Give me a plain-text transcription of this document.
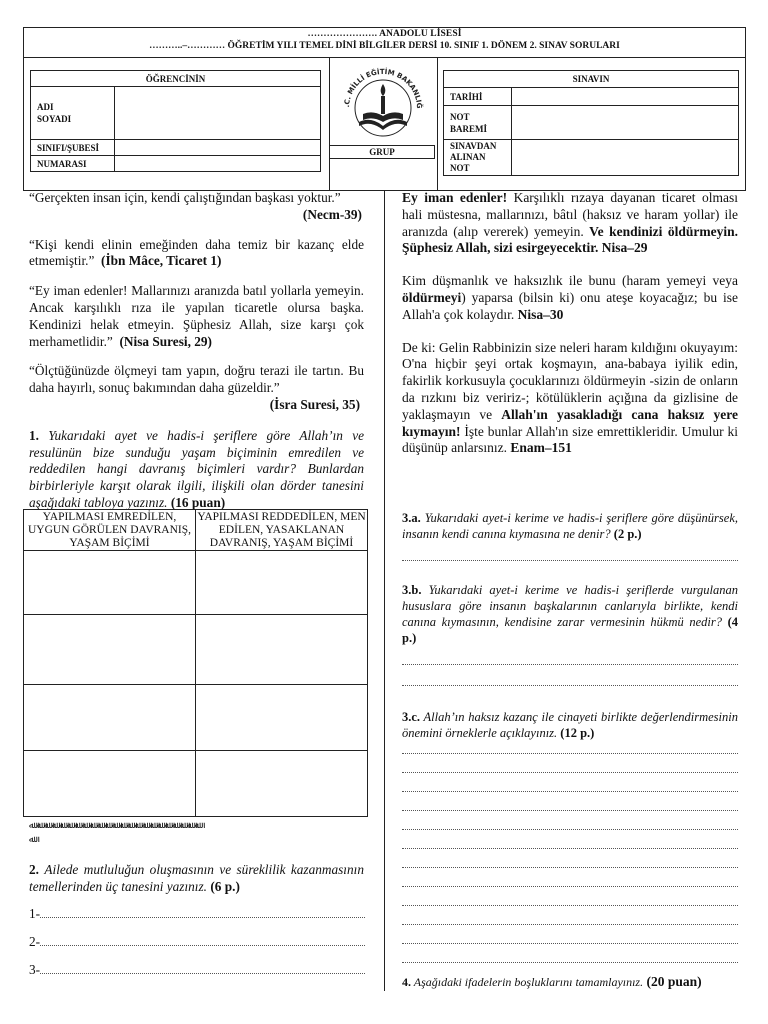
…………………. ANADOLU LİSESİ
………..–………… ÖĞRETİM YILI TEMEL DİNİ BİLGİLER DERSİ 10. SINIF 1. DÖNEM 2. SINAV SORULARI
ÖĞRENCİNİN	
ADI
SOYADI	
SINIFI/ŞUBESİ	
NUMARASI	
.C. MİLLİ EĞİTİM BAKANLIĞ
GRUP
SINAVIN	
TARİHİ	
NOT
BAREMİ	
SINAVDAN
ALINAN
NOT	
“Gerçekten insan için, kendi çalıştığından başkası yoktur.”
(Necm-39)
“Kişi kendi elinin emeğinden daha temiz bir kazanç elde etmemiştir.” (İbn Mâce, Ticaret 1)
“Ey iman edenler! Mallarınızı aranızda batıl yollarla yemeyin. Ancak karşılıklı rıza ile yapılan ticaretle olursa başka. Kendinizi helak etmeyin. Şüphesiz Allah, size karşı çok merhametlidir.” (Nisa Suresi, 29)
“Ölçtüğünüzde ölçmeyi tam yapın, doğru terazi ile tartın. Bu daha hayırlı, sonuç bakımından daha güzeldir.”
(İsra Suresi, 35)
1. Yukarıdaki ayet ve hadis-i şeriflere göre Allah’ın ve resulünün bize sunduğu yaşam biçiminin emredilen ve reddedilen hangi davranış biçimleri vardır? Bunlardan birbirleriyle karşıt olarak ilgili, ilişkili olan dörder tanesini aşağıdaki tabloya yazınız. (16 puan)
YAPILMASI EMREDİLEN, UYGUN GÖRÜLEN DAVRANIŞ, YAŞAM BİÇİMİ	YAPILMASI REDDEDİLEN, MEN EDİLEN, YASAKLANAN DAVRANIŞ, YAŞAM BİÇİMİ

ﷲ ﷲ ﷲ ﷲ ﷲ ﷲ ﷲ ﷲ ﷲ ﷲ ﷲ ﷲ ﷲ ﷲ ﷲ ﷲ ﷲ ﷲ ﷲ ﷲ ﷲ ﷲ ﷲ
ﷲ
2. Ailede mutluluğun oluşmasının ve süreklilik kazanmasının temellerinden üç tanesini yazınız. (6 p.)
1-
2-
3-
Ey iman edenler! Karşılıklı rızaya dayanan ticaret olması hali müstesna, mallarınızı, bâtıl (haksız ve haram yollar) ile aranızda (alıp vererek) yemeyin. Ve kendinizi öldürmeyin. Şüphesiz Allah, sizi esirgeyecektir. Nisa–29
Kim düşmanlık ve haksızlık ile bunu (haram yemeyi veya öldürmeyi) yaparsa (bilsin ki) onu ateşe koyacağız; bu ise Allah'a çok kolaydır. Nisa–30
De ki: Gelin Rabbinizin size neleri haram kıldığını okuyayım: O'na hiçbir şeyi ortak koşmayın, ana-babaya iyilik edin, fakirlik korkusuyla çocuklarınızı öldürmeyin -sizin de onların da rızkını biz veririz-; kötülüklerin açığına da gizlisine de yaklaşmayın ve Allah'ın yasakladığı cana haksız yere kıymayın! İşte bunlar Allah'ın size emrettikleridir. Umulur ki düşünüp anlarsınız. Enam–151
3.a. Yukarıdaki ayet-i kerime ve hadis-i şeriflere göre düşünürsek, insanın kendi canına kıymasına ne denir? (2 p.)
3.b. Yukarıdaki ayet-i kerime ve hadis-i şeriflerde vurgulanan hususlara göre insanın başkalarının canlarıyla birlikte, kendi canına kıymasının, kendisine zarar vermesinin hükmü nedir? (4 p.)
3.c. Allah’ın haksız kazanç ile cinayeti birlikte değerlendirmesinin önemini örneklerle açıklayınız. (12 p.)
4. Aşağıdaki ifadelerin boşluklarını tamamlayınız. (20 puan)
